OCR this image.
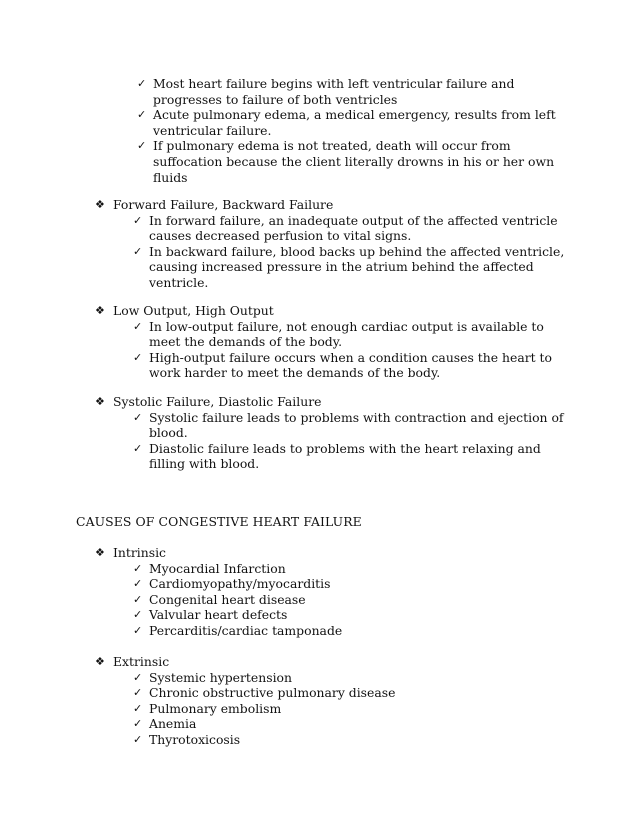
✓ Most heart failure begins with left ventricular failure and progresses to failure of both ventricles
✓ Acute pulmonary edema, a medical emergency, results from left ventricular failure.
✓ If pulmonary edema is not treated, death will occur from suffocation because the client literally drowns in his or her own fluids
❖ Forward Failure, Backward Failure
✓ In forward failure, an inadequate output of the affected ventricle causes decreased perfusion to vital signs.
✓ In backward failure, blood backs up behind the affected ventricle, causing increased pressure in the atrium behind the affected ventricle.
❖ Low Output, High Output
✓ In low-output failure, not enough cardiac output is available to meet the demands of the body.
✓ High-output failure occurs when a condition causes the heart to work harder to meet the demands of the body.
❖ Systolic Failure, Diastolic Failure
✓ Systolic failure leads to problems with contraction and ejection of blood.
✓ Diastolic failure leads to problems with the heart relaxing and filling with blood.
CAUSES OF CONGESTIVE HEART FAILURE
❖ Intrinsic
✓ Myocardial Infarction
✓ Cardiomyopathy/myocarditis
✓ Congenital heart disease
✓ Valvular heart defects
✓ Percarditis/cardiac tamponade
❖ Extrinsic
✓ Systemic hypertension
✓ Chronic obstructive pulmonary disease
✓ Pulmonary embolism
✓ Anemia
✓ Thyrotoxicosis
